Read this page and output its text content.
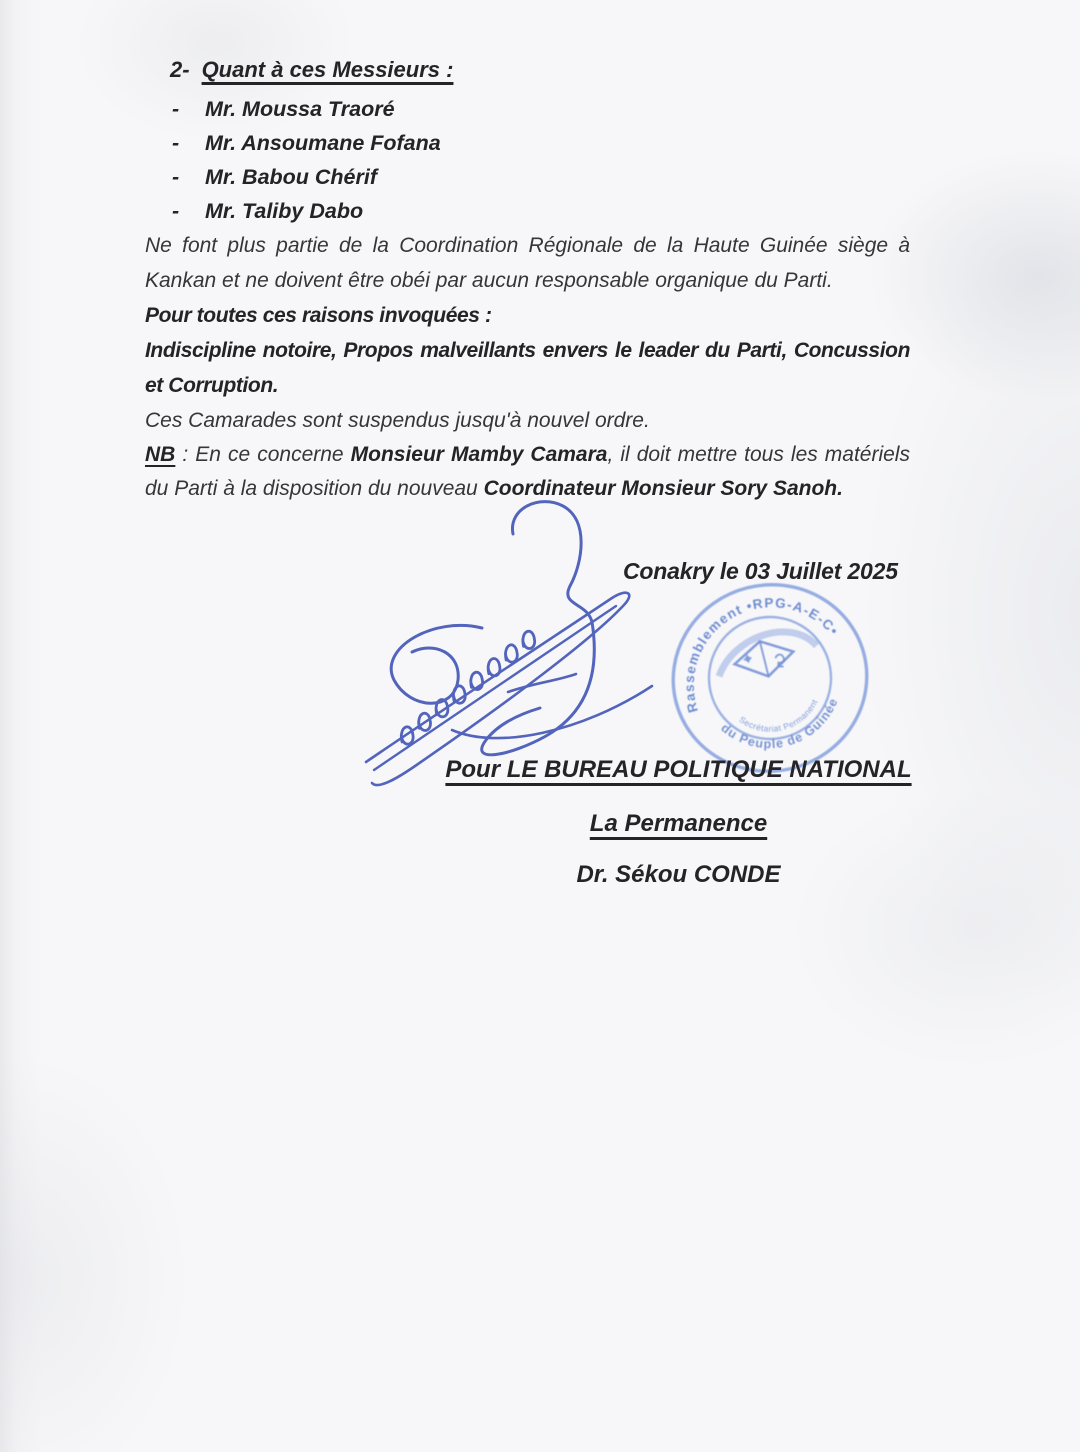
2- Quant à ces Messieurs :
-	Mr. Moussa Traoré
-	Mr. Ansoumane Fofana
-	Mr. Babou Chérif
-	Mr. Taliby Dabo

Ne font plus partie de la Coordination Régionale de la Haute Guinée siège à
Kankan et ne doivent être obéi par aucun responsable organique du Parti.

Pour toutes ces raisons invoquées :

Indiscipline notoire, Propos malveillants envers le leader du Parti, Concussion
et Corruption.

Ces Camarades sont suspendus jusqu'à nouvel ordre.

NB : En ce concerne Monsieur Mamby Camara, il doit mettre tous les matériels
du Parti à la disposition du nouveau Coordinateur Monsieur Sory Sanoh.

Conakry le 03 Juillet 2025
Rassemblement •RPG-A-E-C•
du Peuple de Guinée
Secrétariat Permanent
Pour LE BUREAU POLITIQUE NATIONAL
La Permanence
Dr. Sékou CONDE
